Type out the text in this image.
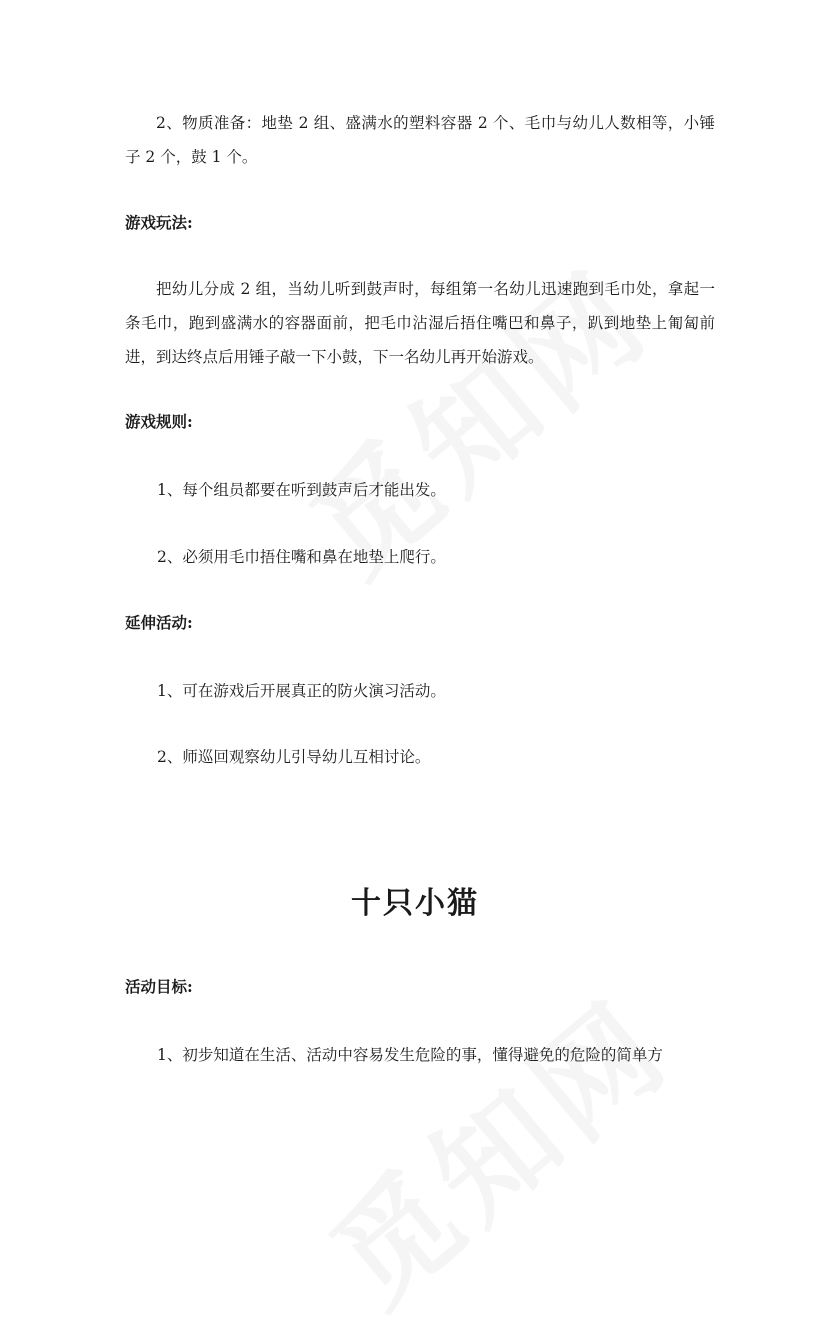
2、物质准备：地垫 2 组、盛满水的塑料容器 2 个、毛巾与幼儿人数相等，小锤子 2 个，鼓 1 个。

游戏玩法:

把幼儿分成 2 组，当幼儿听到鼓声时，每组第一名幼儿迅速跑到毛巾处，拿起一条毛巾，跑到盛满水的容器面前，把毛巾沾湿后捂住嘴巴和鼻子，趴到地垫上匍匐前进，到达终点后用锤子敲一下小鼓，下一名幼儿再开始游戏。

游戏规则:

1、每个组员都要在听到鼓声后才能出发。

2、必须用毛巾捂住嘴和鼻在地垫上爬行。

延伸活动:

1、可在游戏后开展真正的防火演习活动。

2、师巡回观察幼儿引导幼儿互相讨论。

十只小猫

活动目标:

1、初步知道在生活、活动中容易发生危险的事，懂得避免的危险的简单方
